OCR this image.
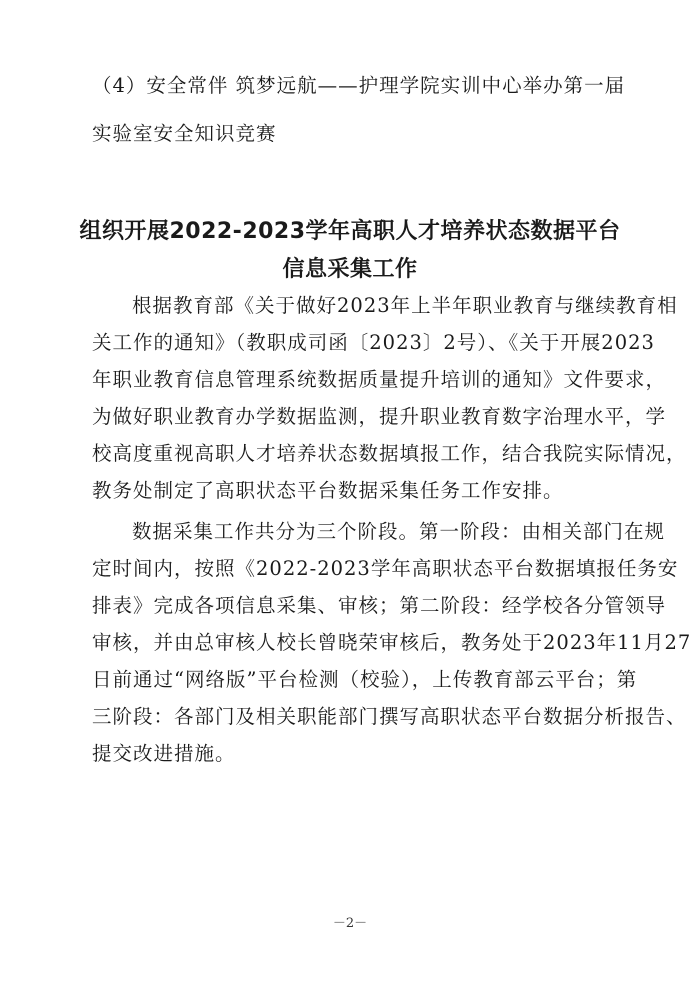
（4）安全常伴 筑梦远航——护理学院实训中心举办第一届
实验室安全知识竞赛
组织开展2022-2023学年高职人才培养状态数据平台
信息采集工作
根据教育部《关于做好2023年上半年职业教育与继续教育相
关工作的通知》（教职成司函〔2023〕2号）、《关于开展2023
年职业教育信息管理系统数据质量提升培训的通知》文件要求，
为做好职业教育办学数据监测，提升职业教育数字治理水平，学
校高度重视高职人才培养状态数据填报工作，结合我院实际情况，
教务处制定了高职状态平台数据采集任务工作安排。
数据采集工作共分为三个阶段。第一阶段：由相关部门在规
定时间内，按照《2022-2023学年高职状态平台数据填报任务安
排表》完成各项信息采集、审核；第二阶段：经学校各分管领导
审核，并由总审核人校长曾晓荣审核后，教务处于2023年11月27
日前通过“网络版”平台检测（校验），上传教育部云平台；第
三阶段：各部门及相关职能部门撰写高职状态平台数据分析报告、
提交改进措施。
－2－
